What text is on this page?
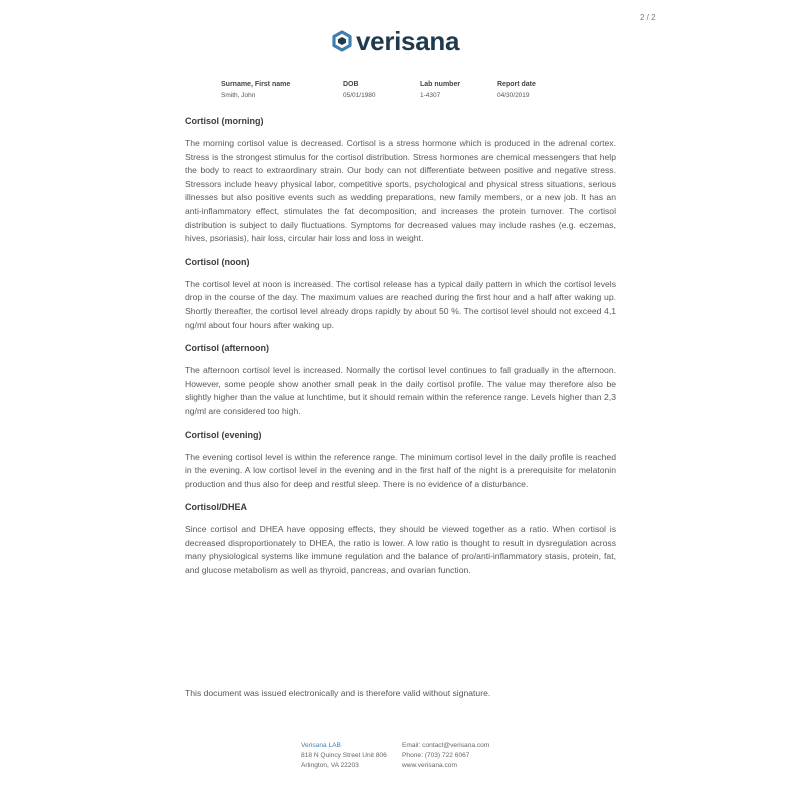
2 / 2
verisana
Surname, First name
Smith, John
DOB
05/01/1980
Lab number
1-4307
Report date
04/30/2019
Cortisol (morning)

The morning cortisol value is decreased. Cortisol is a stress hormone which is produced in the adrenal cortex. Stress is the strongest stimulus for the cortisol distribution. Stress hormones are chemical messengers that help the body to react to extraordinary strain. Our body can not differentiate between positive and negative stress. Stressors include heavy physical labor, competitive sports, psychological and physical stress situations, serious illnesses but also positive events such as wedding preparations, new family members, or a new job. It has an anti-inflammatory effect, stimulates the fat decomposition, and increases the protein turnover. The cortisol distribution is subject to daily fluctuations. Symptoms for decreased values may include rashes (e.g. eczemas, hives, psoriasis), hair loss, circular hair loss and loss in weight.

Cortisol (noon)

The cortisol level at noon is increased. The cortisol release has a typical daily pattern in which the cortisol levels drop in the course of the day. The maximum values are reached during the first hour and a half after waking up. Shortly thereafter, the cortisol level already drops rapidly by about 50 %. The cortisol level should not exceed 4,1 ng/ml about four hours after waking up.

Cortisol (afternoon)

The afternoon cortisol level is increased. Normally the cortisol level continues to fall gradually in the afternoon. However, some people show another small peak in the daily cortisol profile. The value may therefore also be slightly higher than the value at lunchtime, but it should remain within the reference range. Levels higher than 2,3 ng/ml are considered too high.

Cortisol (evening)

The evening cortisol level is within the reference range. The minimum cortisol level in the daily profile is reached in the evening. A low cortisol level in the evening and in the first half of the night is a prerequisite for melatonin production and thus also for deep and restful sleep. There is no evidence of a disturbance.

Cortisol/DHEA

Since cortisol and DHEA have opposing effects, they should be viewed together as a ratio. When cortisol is decreased disproportionately to DHEA, the ratio is lower. A low ratio is thought to result in dysregulation across many physiological systems like immune regulation and the balance of pro/anti-inflammatory stasis, protein, fat, and glucose metabolism as well as thyroid, pancreas, and ovarian function.

This document was issued electronically and is therefore valid without signature.
Verisana LAB
818 N Quincy Street Unit 806
Arlington, VA 22203
Email: contact@verisana.com
Phone: (703) 722 6067
www.verisana.com
